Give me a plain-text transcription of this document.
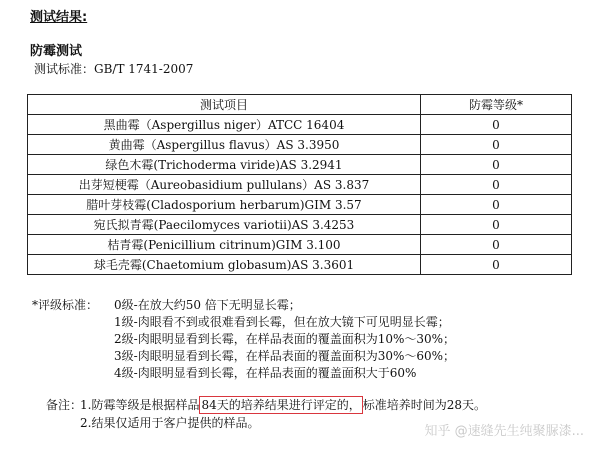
测试结果:
防霉测试
测试标准：GB/T 1741-2007
测试项目	防霉等级*
黑曲霉（Aspergillus niger）ATCC 16404	0
黄曲霉（Aspergillus flavus）AS 3.3950	0
绿色木霉(Trichoderma viride)AS 3.2941	0
出芽短梗霉（Aureobasidium pullulans）AS 3.837	0
腊叶芽枝霉(Cladosporium herbarum)GIM 3.57	0
宛氏拟青霉(Paecilomyces variotii)AS 3.4253	0
桔青霉(Penicillium citrinum)GIM 3.100	0
球毛壳霉(Chaetomium globasum)AS 3.3601	0
*评级标准： 0级-在放大约50 倍下无明显长霉；
1级-肉眼看不到或很难看到长霉，但在放大镜下可见明显长霉；
2级-肉眼明显看到长霉，在样品表面的覆盖面积为10%～30%；
3级-肉眼明显看到长霉，在样品表面的覆盖面积为30%～60%；
4级-肉眼明显看到长霉，在样品表面的覆盖面积大于60%
备注：
1.防霉等级是根据样品 84天的培养结果进行评定的， 标准培养时间为28天。
2.结果仅适用于客户提供的样品。
知乎 @速缝先生纯聚脲漆...
